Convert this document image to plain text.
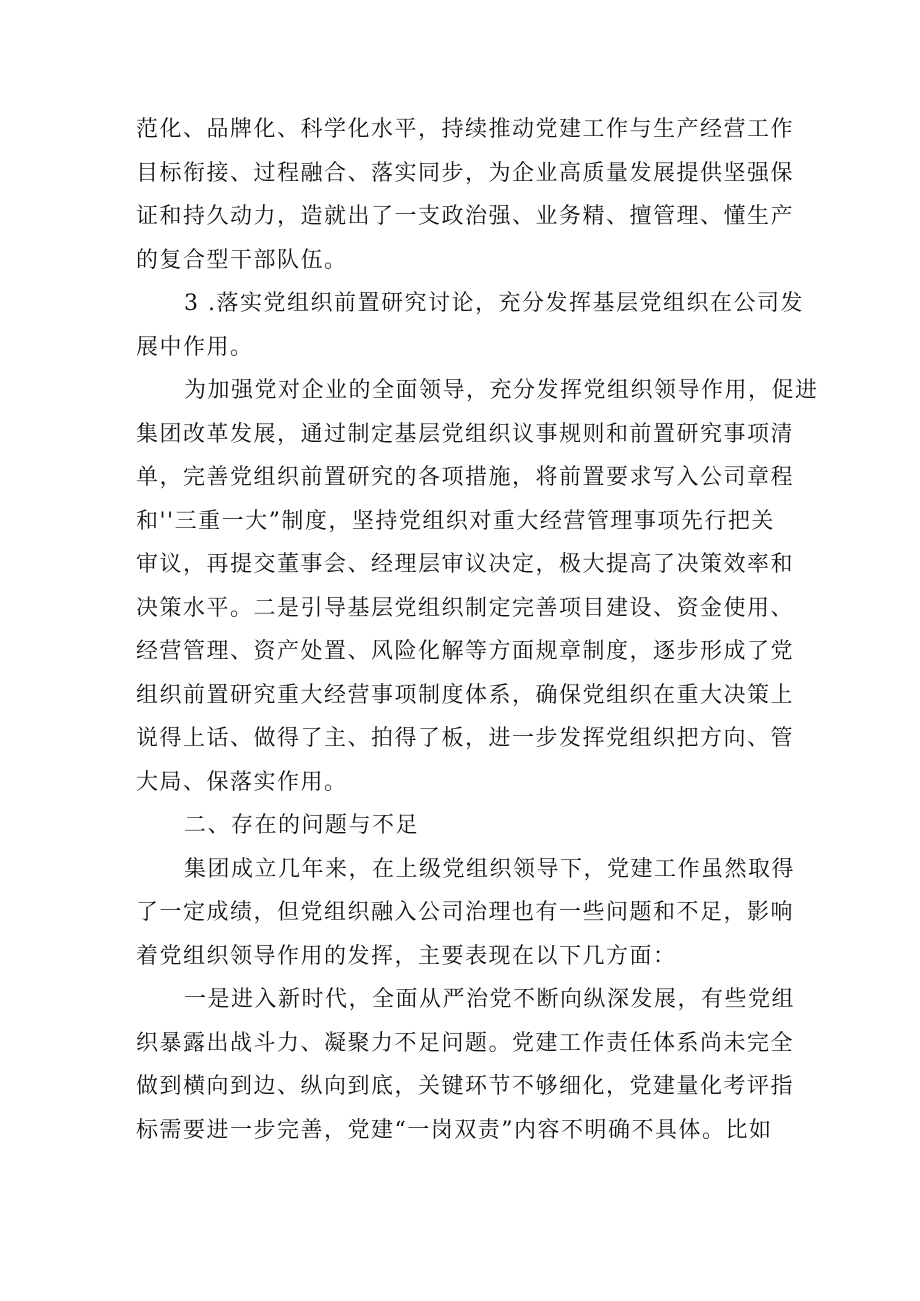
范化、品牌化、科学化水平，持续推动党建工作与生产经营工作
目标衔接、过程融合、落实同步，为企业高质量发展提供坚强保
证和持久动力，造就出了一支政治强、业务精、擅管理、懂生产
的复合型干部队伍。
3 .落实党组织前置研究讨论，充分发挥基层党组织在公司发
展中作用。
为加强党对企业的全面领导，充分发挥党组织领导作用，促进
集团改革发展，通过制定基层党组织议事规则和前置研究事项清
单，完善党组织前置研究的各项措施，将前置要求写入公司章程
和''三重一大”制度，坚持党组织对重大经营管理事项先行把关
审议，再提交董事会、经理层审议决定，极大提高了决策效率和
决策水平。二是引导基层党组织制定完善项目建设、资金使用、
经营管理、资产处置、风险化解等方面规章制度，逐步形成了党
组织前置研究重大经营事项制度体系，确保党组织在重大决策上
说得上话、做得了主、拍得了板，进一步发挥党组织把方向、管
大局、保落实作用。
二、存在的问题与不足
集团成立几年来，在上级党组织领导下，党建工作虽然取得
了一定成绩，但党组织融入公司治理也有一些问题和不足，影响
着党组织领导作用的发挥，主要表现在以下几方面：
一是进入新时代，全面从严治党不断向纵深发展，有些党组
织暴露出战斗力、凝聚力不足问题。党建工作责任体系尚未完全
做到横向到边、纵向到底，关键环节不够细化，党建量化考评指
标需要进一步完善，党建“一岗双责”内容不明确不具体。比如
